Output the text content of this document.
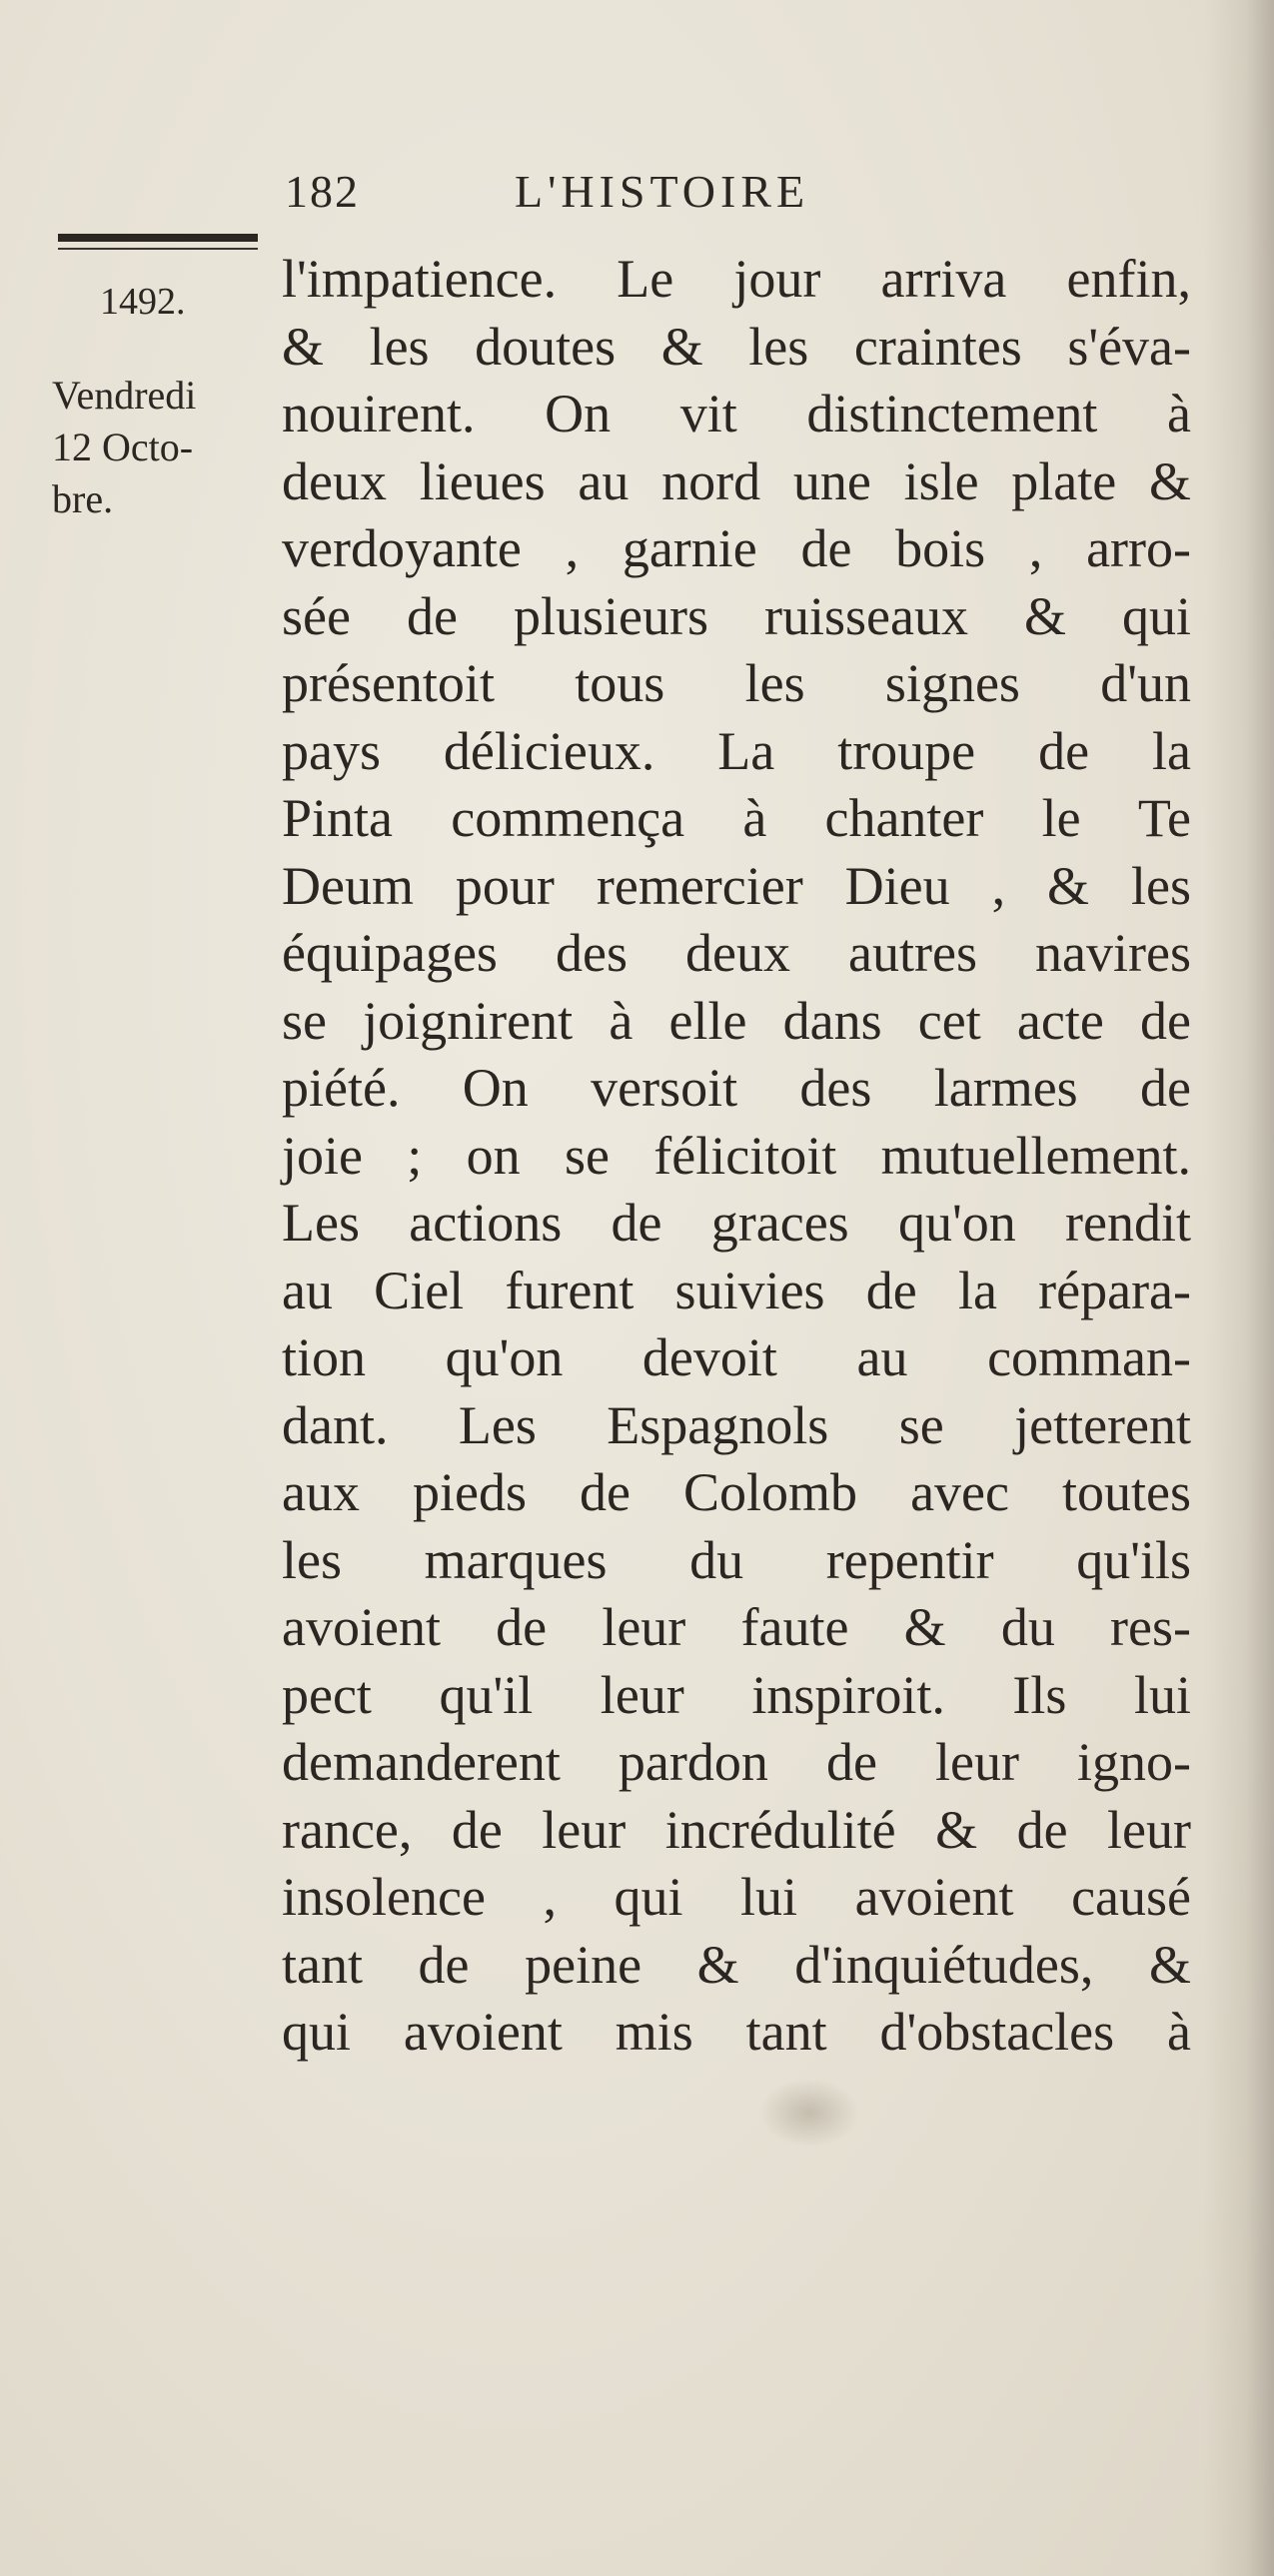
182	L'HISTOIRE
1492.
Vendredi
12 Octo-
bre.
l'impatience. Le jour arriva enfin,
& les doutes & les craintes s'éva-
nouirent. On vit distinctement à
deux lieues au nord une isle plate &
verdoyante , garnie de bois , arro-
sée de plusieurs ruisseaux & qui
présentoit tous les signes d'un
pays délicieux. La troupe de la
Pinta commença à chanter le Te
Deum pour remercier Dieu , & les
équipages des deux autres navires
se joignirent à elle dans cet acte de
piété. On versoit des larmes de
joie ; on se félicitoit mutuellement.
Les actions de graces qu'on rendit
au Ciel furent suivies de la répara-
tion qu'on devoit au comman-
dant. Les Espagnols se jetterent
aux pieds de Colomb avec toutes
les marques du repentir qu'ils
avoient de leur faute & du res-
pect qu'il leur inspiroit. Ils lui
demanderent pardon de leur igno-
rance, de leur incrédulité & de leur
insolence , qui lui avoient causé
tant de peine & d'inquiétudes, &
qui avoient mis tant d'obstacles à
